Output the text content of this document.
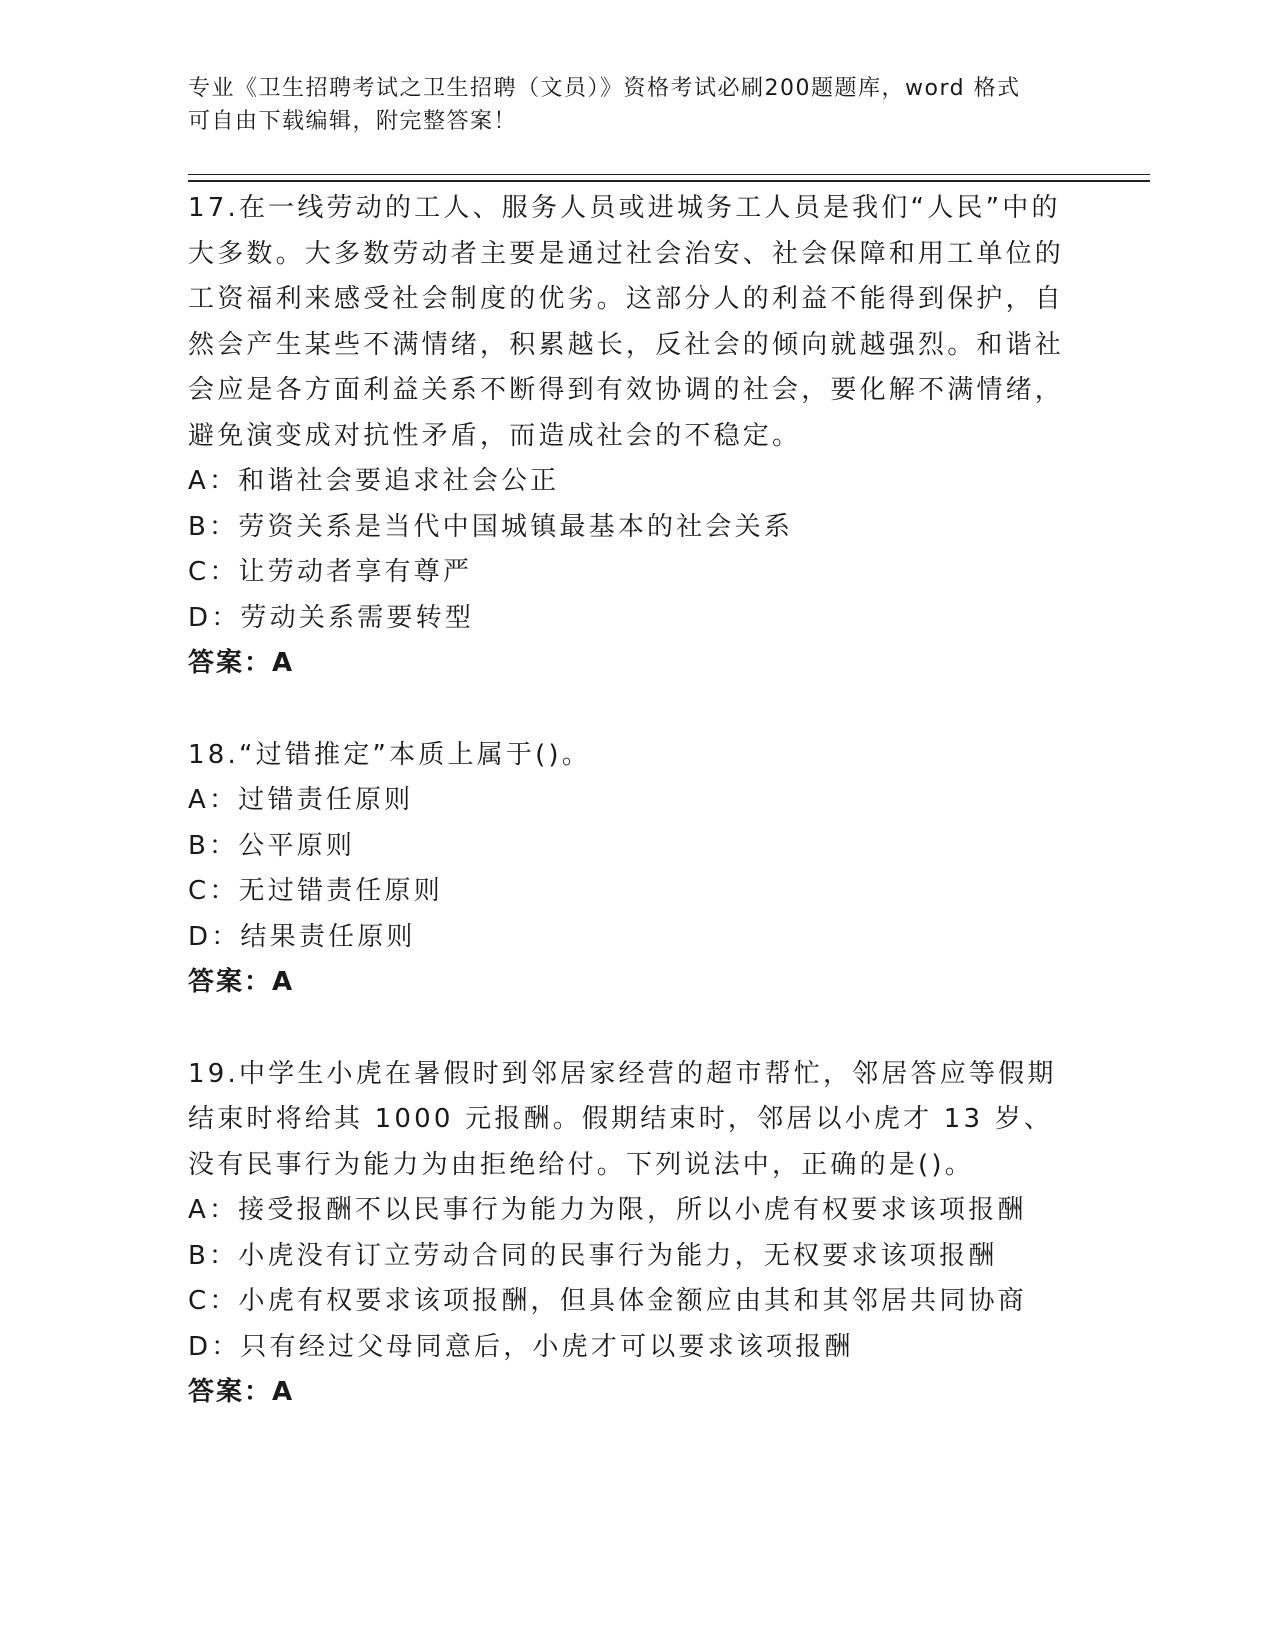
专业《卫生招聘考试之卫生招聘（文员）》资格考试必刷200题题库，word 格式
可自由下载编辑，附完整答案！
17.在一线劳动的工人、服务人员或进城务工人员是我们“人民”中的大多数。大多数劳动者主要是通过社会治安、社会保障和用工单位的工资福利来感受社会制度的优劣。这部分人的利益不能得到保护，自然会产生某些不满情绪，积累越长，反社会的倾向就越强烈。和谐社会应是各方面利益关系不断得到有效协调的社会，要化解不满情绪，避免演变成对抗性矛盾，而造成社会的不稳定。
A：和谐社会要追求社会公正
B：劳资关系是当代中国城镇最基本的社会关系
C：让劳动者享有尊严
D：劳动关系需要转型
答案：A
18.“过错推定”本质上属于()。
A：过错责任原则
B：公平原则
C：无过错责任原则
D：结果责任原则
答案：A
19.中学生小虎在暑假时到邻居家经营的超市帮忙，邻居答应等假期结束时将给其 1000 元报酬。假期结束时，邻居以小虎才 13 岁、没有民事行为能力为由拒绝给付。下列说法中，正确的是()。
A：接受报酬不以民事行为能力为限，所以小虎有权要求该项报酬
B：小虎没有订立劳动合同的民事行为能力，无权要求该项报酬
C：小虎有权要求该项报酬，但具体金额应由其和其邻居共同协商
D：只有经过父母同意后，小虎才可以要求该项报酬
答案：A
